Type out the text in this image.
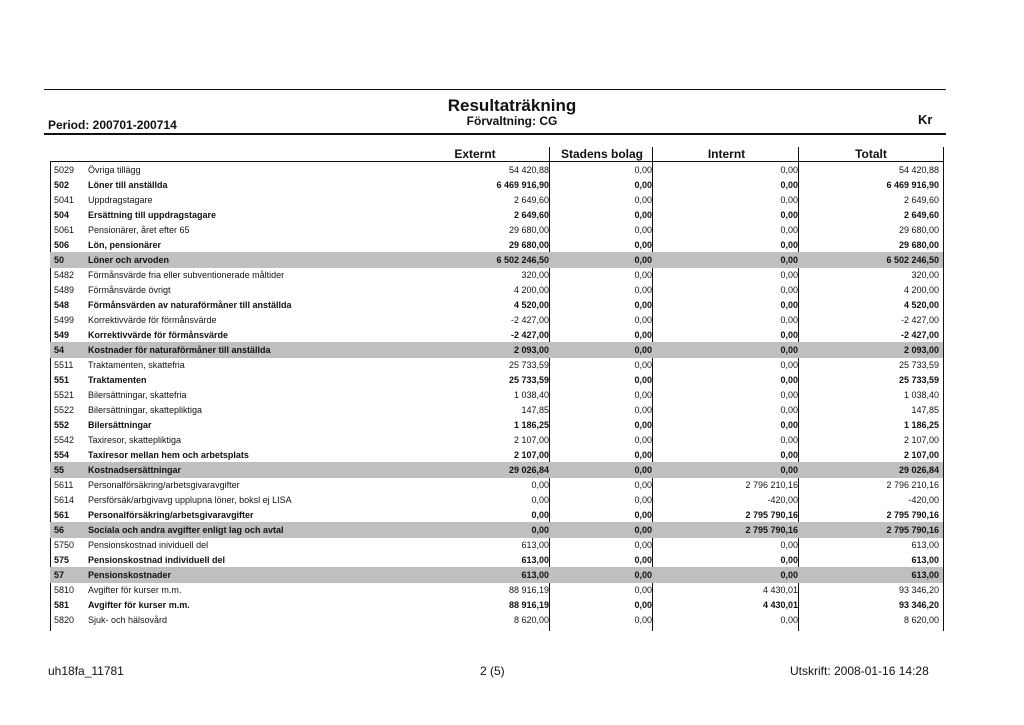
Resultaträkning
Förvaltning: CG
Period: 200701-200714	Kr
Externt	Stadens bolag	Internt	Totalt
5029 Övriga tillägg	54 420,88	0,00	0,00	54 420,88
502 Löner till anställda	6 469 916,90	0,00	0,00	6 469 916,90
5041 Uppdragstagare	2 649,60	0,00	0,00	2 649,60
504 Ersättning till uppdragstagare	2 649,60	0,00	0,00	2 649,60
5061 Pensionärer, året efter 65	29 680,00	0,00	0,00	29 680,00
506 Lön, pensionärer	29 680,00	0,00	0,00	29 680,00
50	Löner och arvoden	6 502 246,50	0,00	0,00	6 502 246,50
5482 Förmånsvärde fria eller subventionerade måltider	320,00	0,00	0,00	320,00
5489 Förmånsvärde övrigt	4 200,00	0,00	0,00	4 200,00
548 Förmånsvärden av naturaförmåner till anställda	4 520,00	0,00	0,00	4 520,00
5499 Korrektivvärde för förmånsvärde	-2 427,00	0,00	0,00	-2 427,00
549 Korrektivvärde för förmånsvärde	-2 427,00	0,00	0,00	-2 427,00
54	Kostnader för naturaförmåner till anställda	2 093,00	0,00	0,00	2 093,00
5511 Traktamenten, skattefria	25 733,59	0,00	0,00	25 733,59
551 Traktamenten	25 733,59	0,00	0,00	25 733,59
5521 Bilersättningar, skattefria	1 038,40	0,00	0,00	1 038,40
5522 Bilersättningar, skattepliktiga	147,85	0,00	0,00	147,85
552 Bilersättningar	1 186,25	0,00	0,00	1 186,25
5542 Taxiresor, skattepliktiga	2 107,00	0,00	0,00	2 107,00
554 Taxiresor mellan hem och arbetsplats	2 107,00	0,00	0,00	2 107,00
55	Kostnadsersättningar	29 026,84	0,00	0,00	29 026,84
5611 Personalförsäkring/arbetsgivaravgifter	0,00	0,00	2 796 210,16	2 796 210,16
5614 Persförsäk/arbgivavg upplupna löner, boksl ej LISA	0,00	0,00	-420,00	-420,00
561 Personalförsäkring/arbetsgivaravgifter	0,00	0,00	2 795 790,16	2 795 790,16
56	Sociala och andra avgifter enligt lag och avtal	0,00	0,00	2 795 790,16	2 795 790,16
5750 Pensionskostnad inividuell del	613,00	0,00	0,00	613,00
575 Pensionskostnad individuell del	613,00	0,00	0,00	613,00
57	Pensionskostnader	613,00	0,00	0,00	613,00
5810 Avgifter för kurser m.m.	88 916,19	0,00	4 430,01	93 346,20
581 Avgifter för kurser m.m.	88 916,19	0,00	4 430,01	93 346,20
5820 Sjuk- och hälsovård	8 620,00	0,00	0,00	8 620,00
uh18fa_11781	2 (5)	Utskrift: 2008-01-16 14:28
